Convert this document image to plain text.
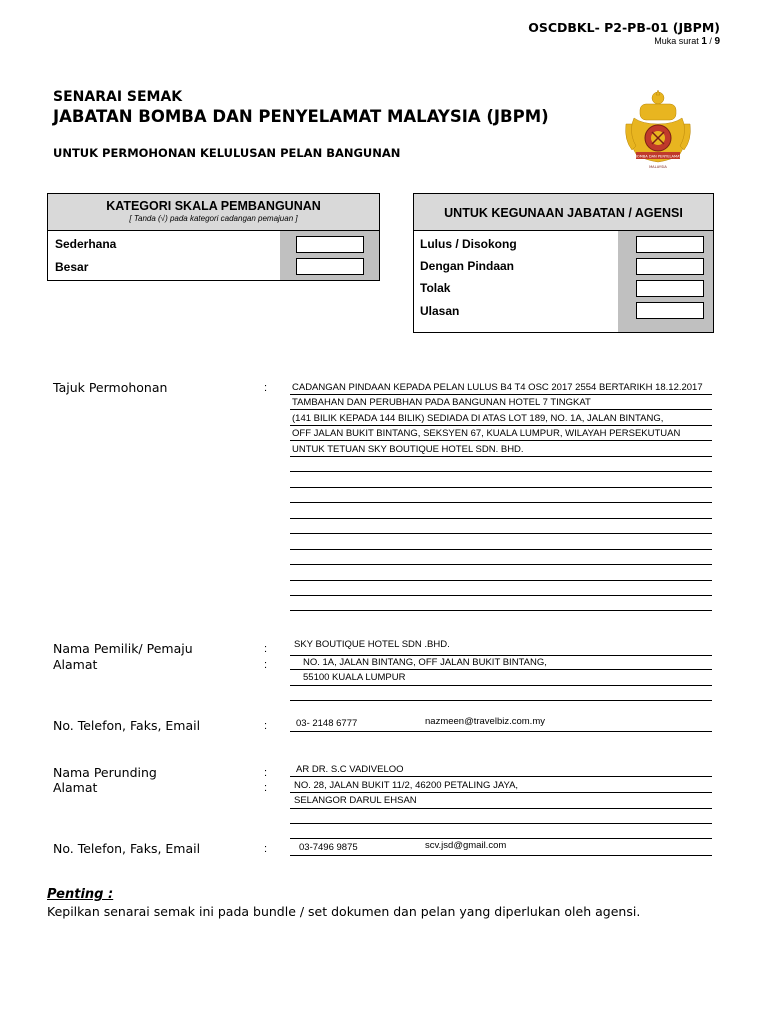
OSCDBKL- P2-PB-01 (JBPM)
Muka surat 1 / 9
SENARAI SEMAK
JABATAN BOMBA DAN PENYELAMAT MALAYSIA (JBPM)
UNTUK PERMOHONAN KELULUSAN PELAN BANGUNAN	BOMBA DAN PENYELAMAT
MALAYSIA
KATEGORI SKALA PEMBANGUNAN
[ Tanda (√) pada kategori cadangan pemajuan ]
Sederhana
Besar
UNTUK KEGUNAAN JABATAN / AGENSI
Lulus / Disokong
Dengan Pindaan
Tolak
Ulasan
Tajuk Permohonan	:	CADANGAN PINDAAN KEPADA PELAN LULUS B4 T4 OSC 2017 2554 BERTARIKH 18.12.2017
TAMBAHAN DAN PERUBHAN PADA BANGUNAN HOTEL 7 TINGKAT
(141 BILIK KEPADA 144 BILIK) SEDIADA DI ATAS LOT 189, NO. 1A, JALAN BINTANG,
OFF JALAN BUKIT BINTANG, SEKSYEN 67, KUALA LUMPUR, WILAYAH PERSEKUTUAN
UNTUK TETUAN SKY BOUTIQUE HOTEL SDN. BHD.
Nama Pemilik/ Pemaju	:	SKY BOUTIQUE HOTEL SDN .BHD.
Alamat	:	NO. 1A, JALAN BINTANG, OFF JALAN BUKIT BINTANG,
55100 KUALA LUMPUR
No. Telefon, Faks, Email	:	03- 2148 6777	nazmeen@travelbiz.com.my
Nama Perunding	:	AR DR. S.C VADIVELOO
Alamat	:	NO. 28, JALAN BUKIT 11/2, 46200 PETALING JAYA,
SELANGOR DARUL EHSAN
No. Telefon, Faks, Email	:	03-7496 9875	scv.jsd@gmail.com
Penting :
Kepilkan senarai semak ini pada bundle / set dokumen dan pelan yang diperlukan oleh agensi.
